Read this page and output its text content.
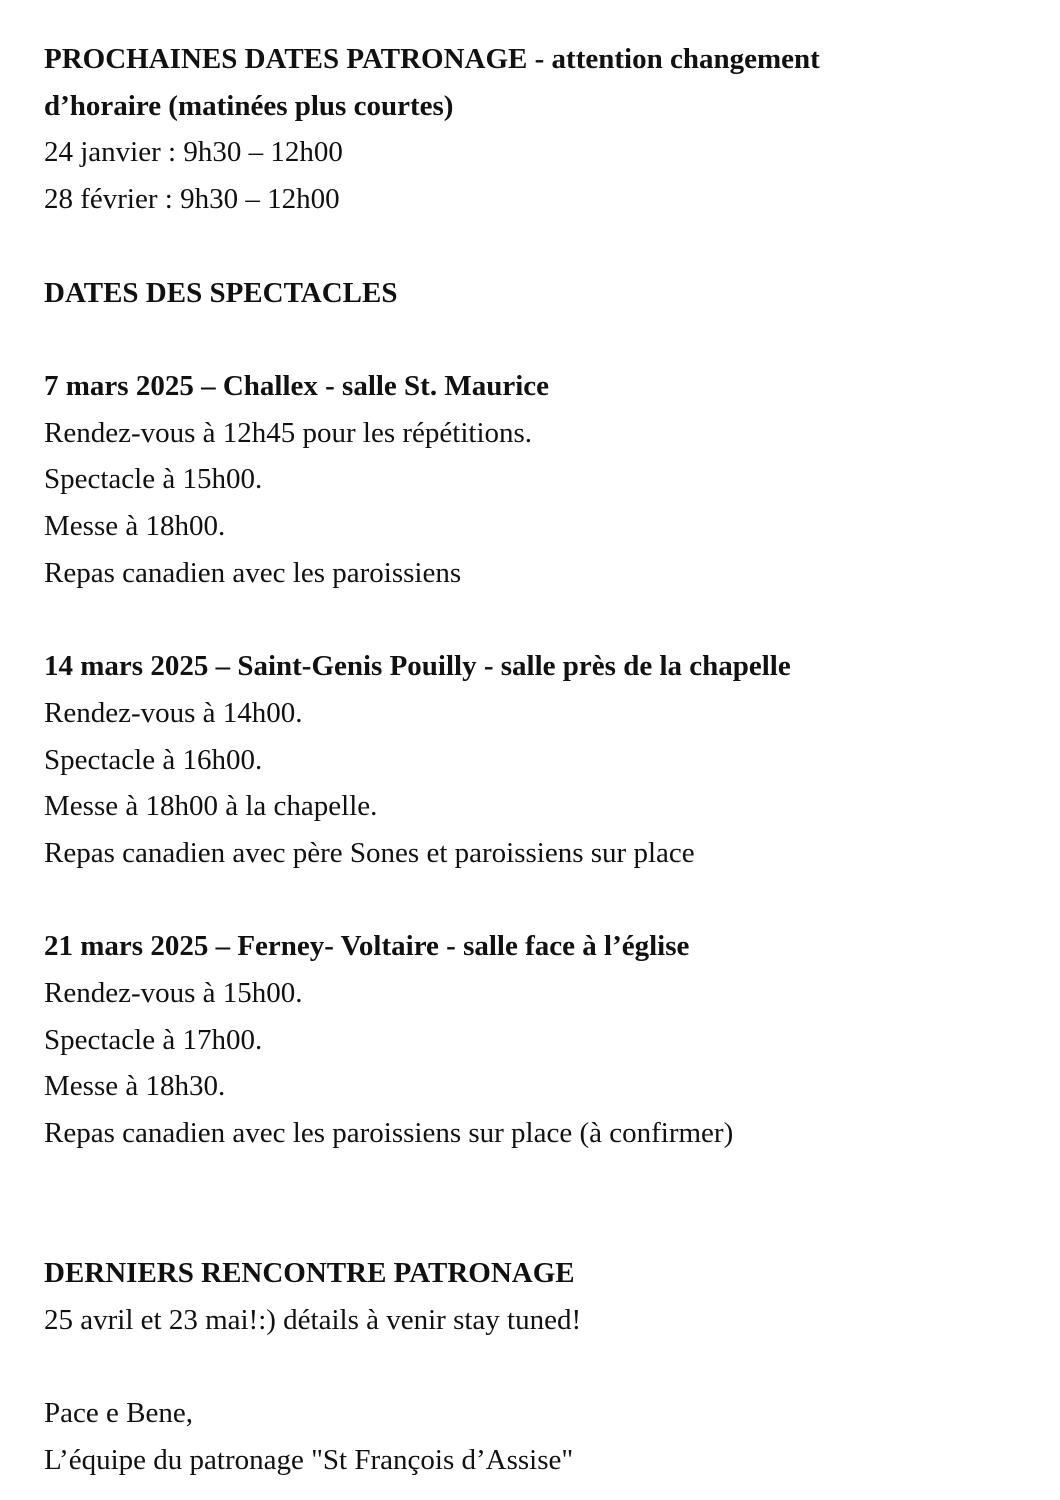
PROCHAINES DATES PATRONAGE - attention changement

d’horaire (matinées plus courtes)

24 janvier : 9h30 – 12h00

28 février : 9h30 – 12h00

DATES DES SPECTACLES

7 mars 2025 – Challex - salle St. Maurice

Rendez-vous à 12h45 pour les répétitions.

Spectacle à 15h00.

Messe à 18h00.

Repas canadien avec les paroissiens

14 mars 2025 – Saint-Genis Pouilly - salle près de la chapelle

Rendez-vous à 14h00.

Spectacle à 16h00.

Messe à 18h00 à la chapelle.

Repas canadien avec père Sones et paroissiens sur place

21 mars 2025 – Ferney- Voltaire - salle face à l’église

Rendez-vous à 15h00.

Spectacle à 17h00.

Messe à 18h30.

Repas canadien avec les paroissiens sur place (à confirmer)

DERNIERS RENCONTRE PATRONAGE

25 avril et 23 mai!:) détails à venir stay tuned!

Pace e Bene,

L’équipe du patronage "St François d’Assise"
